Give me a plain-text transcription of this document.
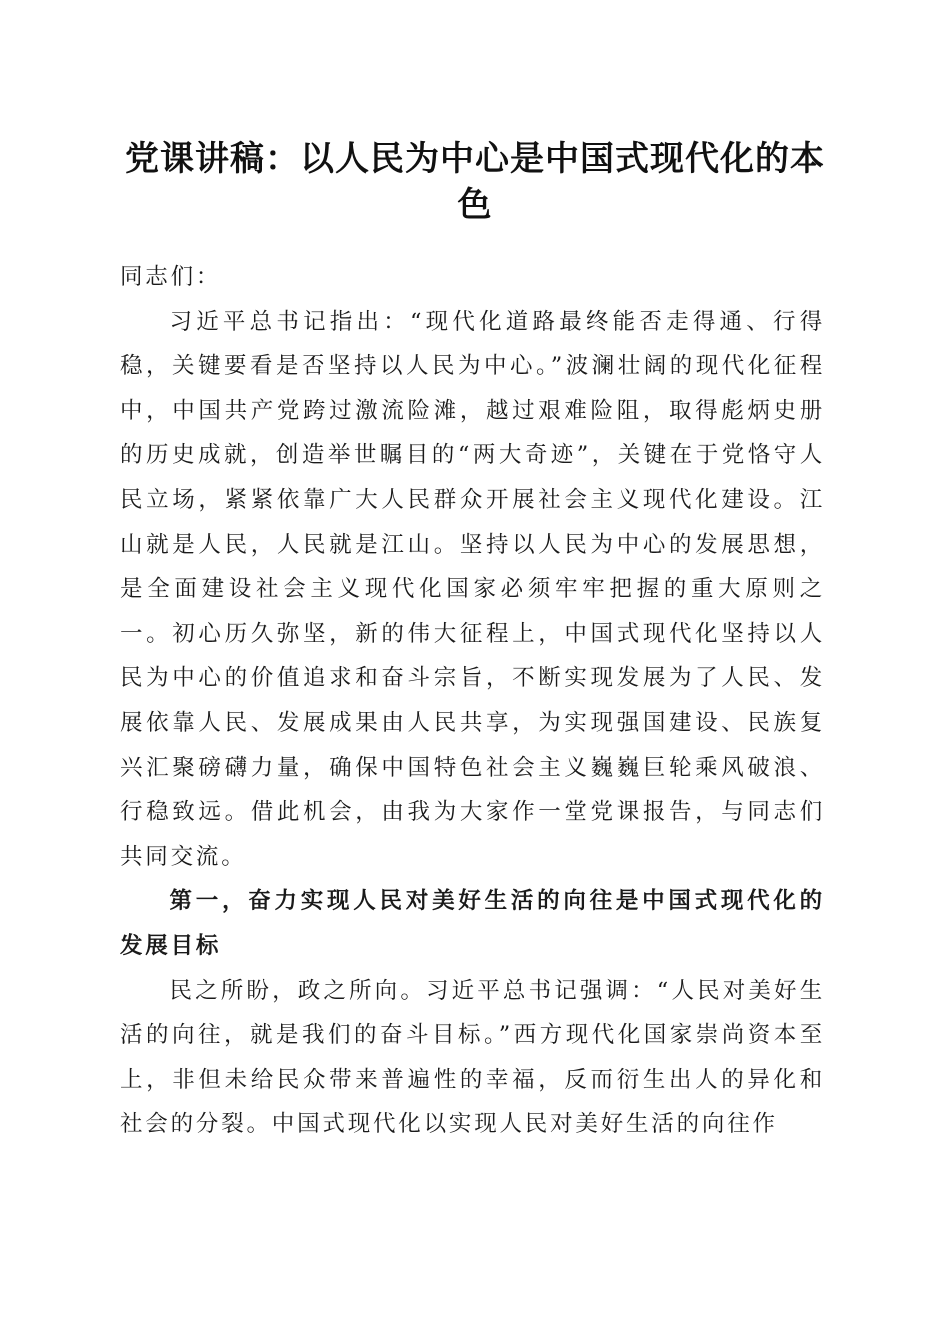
党课讲稿：以人民为中心是中国式现代化的本色

同志们：

习近平总书记指出：“现代化道路最终能否走得通、行得稳，关键要看是否坚持以人民为中心。”波澜壮阔的现代化征程中，中国共产党跨过激流险滩，越过艰难险阻，取得彪炳史册的历史成就，创造举世瞩目的“两大奇迹”，关键在于党恪守人民立场，紧紧依靠广大人民群众开展社会主义现代化建设。江山就是人民，人民就是江山。坚持以人民为中心的发展思想，是全面建设社会主义现代化国家必须牢牢把握的重大原则之一。初心历久弥坚，新的伟大征程上，中国式现代化坚持以人民为中心的价值追求和奋斗宗旨，不断实现发展为了人民、发展依靠人民、发展成果由人民共享，为实现强国建设、民族复兴汇聚磅礴力量，确保中国特色社会主义巍巍巨轮乘风破浪、行稳致远。借此机会，由我为大家作一堂党课报告，与同志们共同交流。

第一，奋力实现人民对美好生活的向往是中国式现代化的发展目标

民之所盼，政之所向。习近平总书记强调：“人民对美好生活的向往，就是我们的奋斗目标。”西方现代化国家崇尚资本至上，非但未给民众带来普遍性的幸福，反而衍生出人的异化和社会的分裂。中国式现代化以实现人民对美好生活的向往作
